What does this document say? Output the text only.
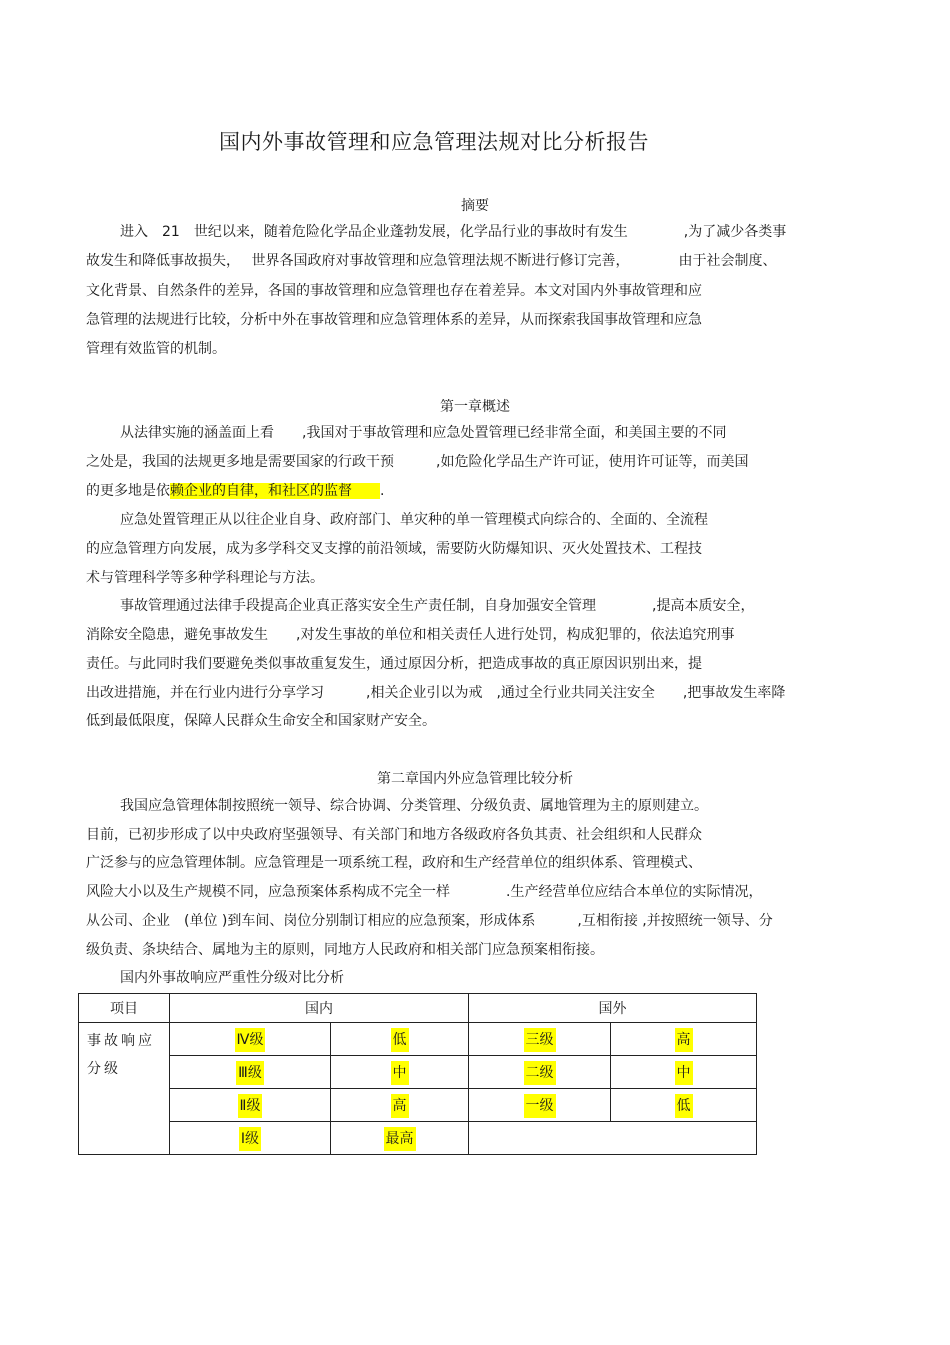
国内外事故管理和应急管理法规对比分析报告
摘要
进入　21　世纪以来，随着危险化学品企业蓬勃发展，化学品行业的事故时有发生　　　　,为了减少各类事
故发生和降低事故损失，　 世界各国政府对事故管理和应急管理法规不断进行修订完善，　　　　由于社会制度、
文化背景、自然条件的差异，各国的事故管理和应急管理也存在着差异。本文对国内外事故管理和应
急管理的法规进行比较，分析中外在事故管理和应急管理体系的差异，从而探索我国事故管理和应急
管理有效监管的机制。
第一章概述
从法律实施的涵盖面上看　　,我国对于事故管理和应急处置管理已经非常全面，和美国主要的不同
之处是，我国的法规更多地是需要国家的行政干预　　　,如危险化学品生产许可证，使用许可证等，而美国
的更多地是依赖企业的自律，和社区的监督　　.
应急处置管理正从以往企业自身、政府部门、单灾种的单一管理模式向综合的、全面的、全流程
的应急管理方向发展，成为多学科交叉支撑的前沿领域，需要防火防爆知识、灭火处置技术、工程技
术与管理科学等多种学科理论与方法。
事故管理通过法律手段提高企业真正落实安全生产责任制，自身加强安全管理　　　　,提高本质安全，
消除安全隐患，避免事故发生　　,对发生事故的单位和相关责任人进行处罚，构成犯罪的，依法追究刑事
责任。与此同时我们要避免类似事故重复发生，通过原因分析，把造成事故的真正原因识别出来，提
出改进措施，并在行业内进行分享学习　　　,相关企业引以为戒　,通过全行业共同关注安全　　,把事故发生率降
低到最低限度，保障人民群众生命安全和国家财产安全。
第二章国内外应急管理比较分析
我国应急管理体制按照统一领导、综合协调、分类管理、分级负责、属地管理为主的原则建立。
目前，已初步形成了以中央政府坚强领导、有关部门和地方各级政府各负其责、社会组织和人民群众
广泛参与的应急管理体制。应急管理是一项系统工程，政府和生产经营单位的组织体系、管理模式、
风险大小以及生产规模不同，应急预案体系构成不完全一样　　　　.生产经营单位应结合本单位的实际情况，
从公司、企业　(单位 )到车间、岗位分别制订相应的应急预案，形成体系　　　,互相衔接 ,并按照统一领导、分
级负责、条块结合、属地为主的原则，同地方人民政府和相关部门应急预案相衔接。
国内外事故响应严重性分级对比分析
项目	国内		国外	

事故响应
分级	Ⅳ级	低	三级	高
	Ⅲ级	中	二级	中
	Ⅱ级	高	一级	低
	Ⅰ级	最高		
